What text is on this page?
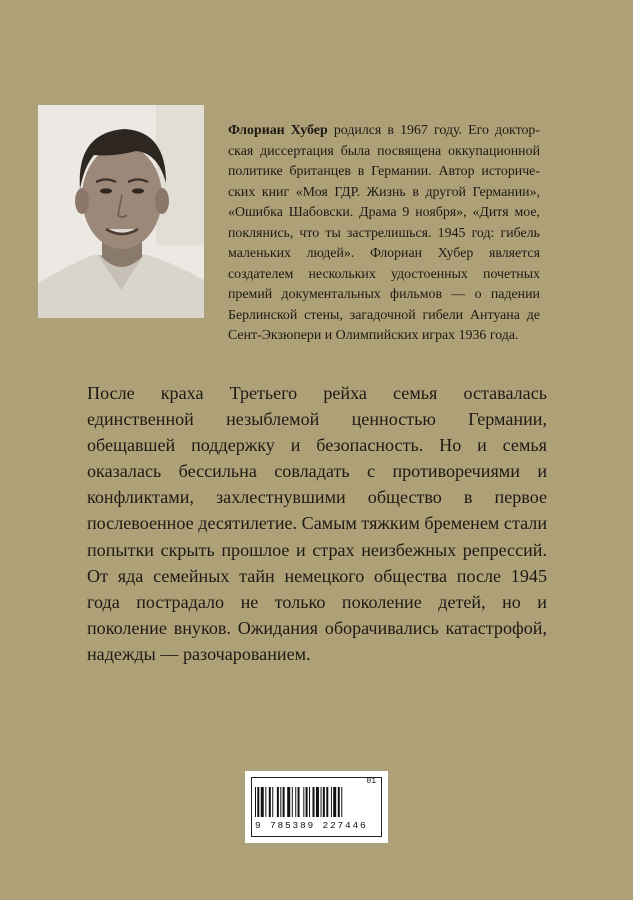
Флориан Хубер родился в 1967 году. Его докторская диссертация была посвящена оккупационной политике британцев в Германии. Автор исторических книг «Моя ГДР. Жизнь в другой Германии», «Ошибка Шабовски. Драма 9 ноября», «Дитя мое, поклянись, что ты застрелишься. 1945 год: гибель маленьких людей». Флориан Хубер является создателем нескольких удостоенных почетных премий документальных фильмов — о падении Берлинской стены, загадочной гибели Антуана де Сент-Экзюпери и Олимпийских играх 1936 года.
После краха Третьего рейха семья оставалась единственной незыблемой ценностью Германии, обещавшей поддержку и безопасность. Но и семья оказалась бессильна совладать с противоречиями и конфликтами, захлестнувшими общество в первое послевоенное десятилетие. Самым тяжким бременем стали попытки скрыть прошлое и страх неизбежных репрессий. От яда семейных тайн немецкого общества после 1945 года пострадало не только поколение детей, но и поколение внуков. Ожидания оборачивались катастрофой, надежды — разочарованием.
01
9 785389 227446
